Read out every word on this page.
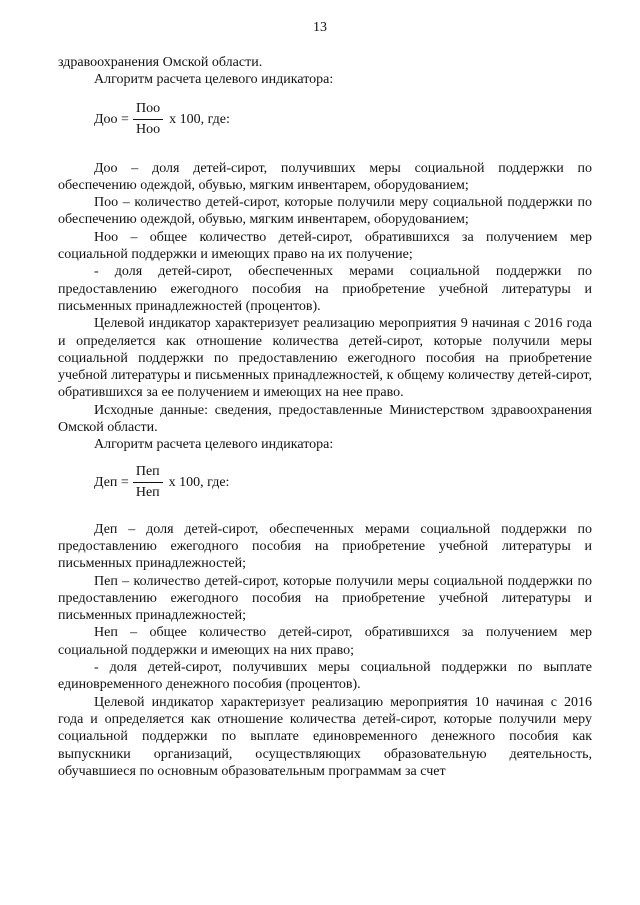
13

здравоохранения Омской области.

Алгоритм расчета целевого индикатора:

Доо = $\frac{\text{Поо}}{\text{Ноо}}$ х 100, где:

Доо – доля детей-сирот, получивших меры социальной поддержки по обеспечению одеждой, обувью, мягким инвентарем, оборудованием;

Поо – количество детей-сирот, которые получили меру социальной поддержки по обеспечению одеждой, обувью, мягким инвентарем, оборудованием;

Ноо – общее количество детей-сирот, обратившихся за получением мер социальной поддержки и имеющих право на их получение;

- доля детей-сирот, обеспеченных мерами социальной поддержки по предоставлению ежегодного пособия на приобретение учебной литературы и письменных принадлежностей (процентов).

Целевой индикатор характеризует реализацию мероприятия 9 начиная с 2016 года и определяется как отношение количества детей-сирот, которые получили меры социальной поддержки по предоставлению ежегодного пособия на приобретение учебной литературы и письменных принадлежностей, к общему количеству детей-сирот, обратившихся за ее получением и имеющих на нее право.

Исходные данные: сведения, предоставленные Министерством здравоохранения Омской области.

Алгоритм расчета целевого индикатора:

Деп = $\frac{\text{Пеп}}{\text{Неп}}$ х 100, где:

Деп – доля детей-сирот, обеспеченных мерами социальной поддержки по предоставлению ежегодного пособия на приобретение учебной литературы и письменных принадлежностей;

Пеп – количество детей-сирот, которые получили меры социальной поддержки по предоставлению ежегодного пособия на приобретение учебной литературы и письменных принадлежностей;

Неп – общее количество детей-сирот, обратившихся за получением мер социальной поддержки и имеющих на них право;

- доля детей-сирот, получивших меры социальной поддержки по выплате единовременного денежного пособия (процентов).

Целевой индикатор характеризует реализацию мероприятия 10 начиная с 2016 года и определяется как отношение количества детей-сирот, которые получили меру социальной поддержки по выплате единовременного денежного пособия как выпускники организаций, осуществляющих образовательную деятельность, обучавшиеся по основным образовательным программам за счет
